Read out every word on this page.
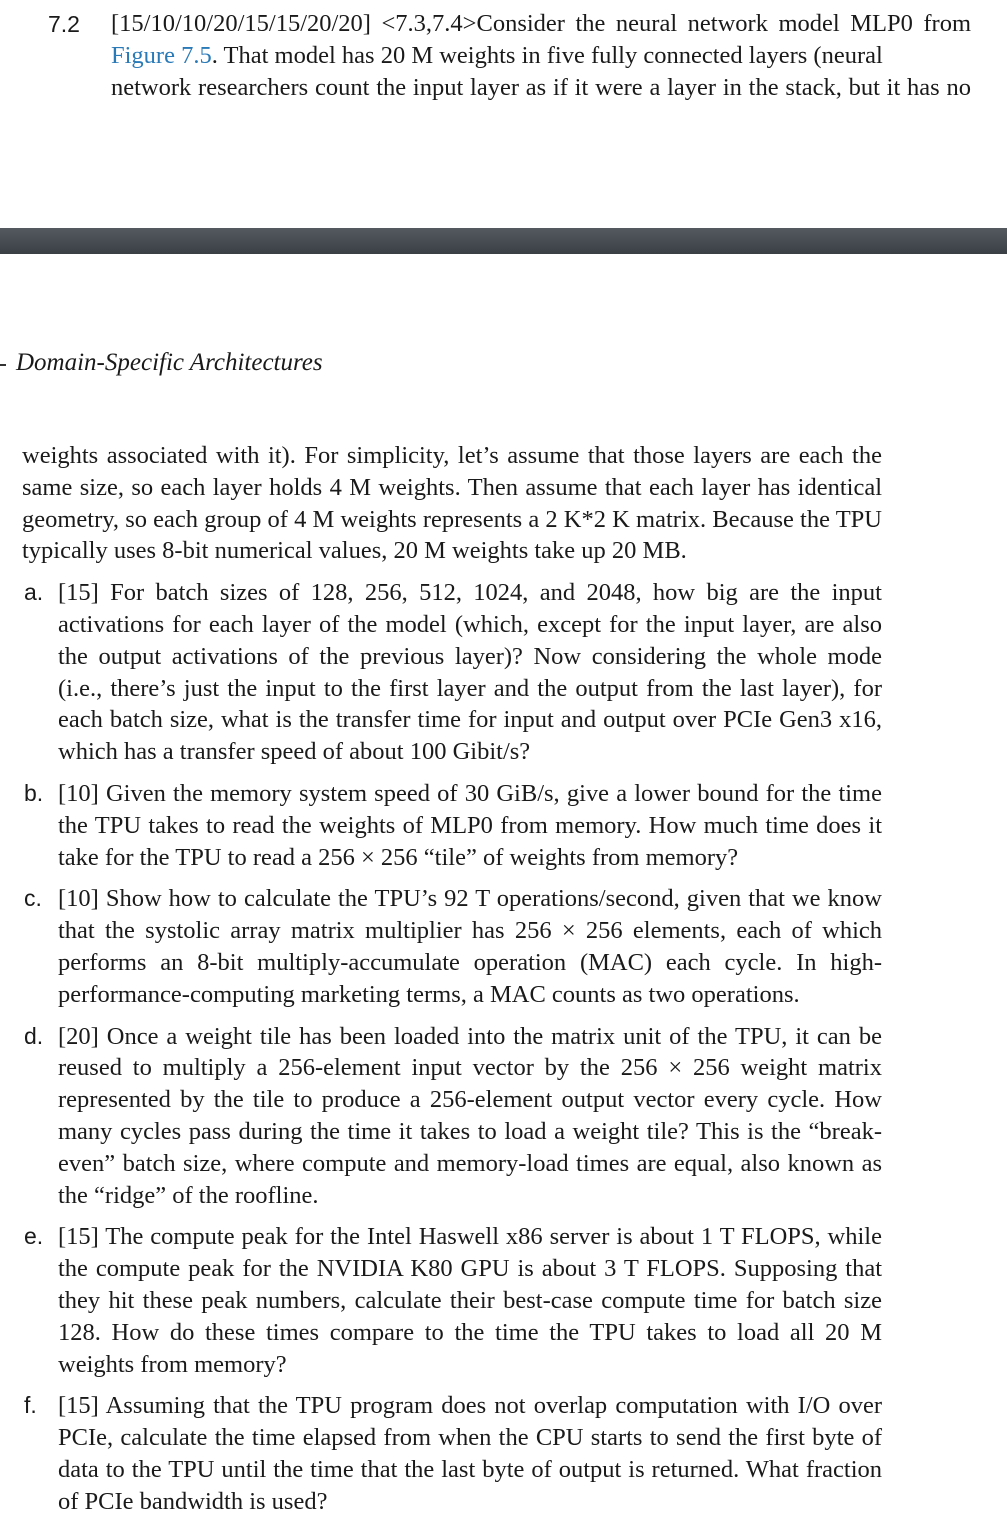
7.2 [15/10/10/20/15/15/20/20] <7.3,7.4>Consider the neural network model MLP0 from Figure 7.5. That model has 20 M weights in five fully connected layers (neural
network researchers count the input layer as if it were a layer in the stack, but it has no

Domain-Specific Architectures

weights associated with it). For simplicity, let’s assume that those layers are each the same size, so each layer holds 4 M weights. Then assume that each layer has identical geometry, so each group of 4 M weights represents a 2 K*2 K matrix. Because the TPU typically uses 8-bit numerical values, 20 M weights take up 20 MB.

a. [15] For batch sizes of 128, 256, 512, 1024, and 2048, how big are the input activations for each layer of the model (which, except for the input layer, are also the output activations of the previous layer)? Now considering the whole mode (i.e., there’s just the input to the first layer and the output from the last layer), for each batch size, what is the transfer time for input and output over PCIe Gen3 x16, which has a transfer speed of about 100 Gibit/s?

b. [10] Given the memory system speed of 30 GiB/s, give a lower bound for the time the TPU takes to read the weights of MLP0 from memory. How much time does it take for the TPU to read a 256 × 256 “tile” of weights from memory?

c. [10] Show how to calculate the TPU’s 92 T operations/second, given that we know that the systolic array matrix multiplier has 256 × 256 elements, each of which performs an 8-bit multiply-accumulate operation (MAC) each cycle. In high-performance-computing marketing terms, a MAC counts as two operations.

d. [20] Once a weight tile has been loaded into the matrix unit of the TPU, it can be reused to multiply a 256-element input vector by the 256 × 256 weight matrix represented by the tile to produce a 256-element output vector every cycle. How many cycles pass during the time it takes to load a weight tile? This is the “break-even” batch size, where compute and memory-load times are equal, also known as the “ridge” of the roofline.

e. [15] The compute peak for the Intel Haswell x86 server is about 1 T FLOPS, while the compute peak for the NVIDIA K80 GPU is about 3 T FLOPS. Supposing that they hit these peak numbers, calculate their best-case compute time for batch size 128. How do these times compare to the time the TPU takes to load all 20 M weights from memory?

f. [15] Assuming that the TPU program does not overlap computation with I/O over PCIe, calculate the time elapsed from when the CPU starts to send the first byte of data to the TPU until the time that the last byte of output is returned. What fraction of PCIe bandwidth is used?
